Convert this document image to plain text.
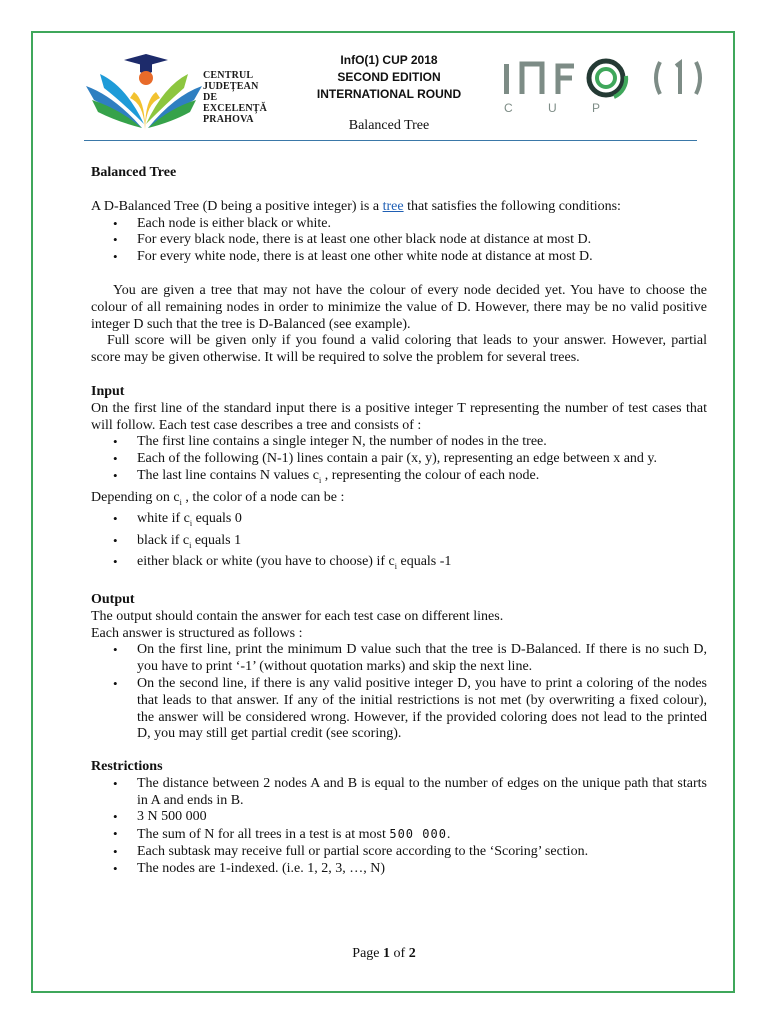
CENTRUL
JUDEȚEAN
DE
EXCELENȚĂ
PRAHOVA
InfO(1) CUP 2018
SECOND EDITION
INTERNATIONAL ROUND
Balanced Tree
C U P
Balanced Tree

A D-Balanced Tree (D being a positive integer) is a tree that satisfies the following conditions:

• Each node is either black or white.
• For every black node, there is at least one other black node at distance at most D.
• For every white node, there is at least one other white node at distance at most D.

You are given a tree that may not have the colour of every node decided yet. You have to choose the colour of all remaining nodes in order to minimize the value of D. However, there may be no valid positive integer D such that the tree is D-Balanced (see example).

Full score will be given only if you found a valid coloring that leads to your answer. However, partial score may be given otherwise. It will be required to solve the problem for several trees.

Input

On the first line of the standard input there is a positive integer T representing the number of test cases that will follow. Each test case describes a tree and consists of :

• The first line contains a single integer N, the number of nodes in the tree.
• Each of the following (N-1) lines contain a pair (x, y), representing an edge between x and y.
• The last line contains N values $c_i$ , representing the colour of each node.

Depending on $c_i$ , the color of a node can be :

• white if $c_i$ equals 0
• black if $c_i$ equals 1
• either black or white (you have to choose) if $c_i$ equals -1
Output

The output should contain the answer for each test case on different lines.

Each answer is structured as follows :

• On the first line, print the minimum D value such that the tree is D-Balanced. If there is no such D, you have to print ‘-1’ (without quotation marks) and skip the next line.
• On the second line, if there is any valid positive integer D, you have to print a coloring of the nodes that leads to that answer. If any of the initial restrictions is not met (by overwriting a fixed colour), the answer will be considered wrong. However, if the provided coloring does not lead to the printed D, you may still get partial credit (see scoring).
Restrictions
• The distance between 2 nodes A and B is equal to the number of edges on the unique path that starts in A and ends in B.
• 3 N 500 000
• The sum of N for all trees in a test is at most 500 000.
• Each subtask may receive full or partial score according to the ‘Scoring’ section.
• The nodes are 1-indexed. (i.e. 1, 2, 3, …, N)
Page 1 of 2
